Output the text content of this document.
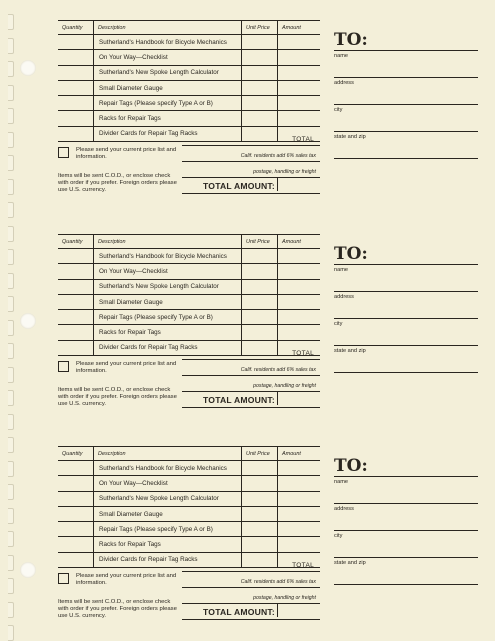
Quantity	Description	Unit Price	Amount
Sutherland's Handbook for Bicycle Mechanics
On Your Way—Checklist
Sutherland's New Spoke Length Calculator
Small Diameter Gauge
Repair Tags (Please specify Type A or B)
Racks for Repair Tags
Divider Cards for Repair Tag Racks
Please send your current price list and information.
Items will be sent C.O.D., or enclose check with order if you prefer. Foreign orders please use U.S. currency.
TOTAL
Calif. residents add 6% sales tax
postage, handling or freight
TOTAL AMOUNT:
TO:
name
address
city
state and zip
Quantity	Description	Unit Price	Amount
Sutherland's Handbook for Bicycle Mechanics
On Your Way—Checklist
Sutherland's New Spoke Length Calculator
Small Diameter Gauge
Repair Tags (Please specify Type A or B)
Racks for Repair Tags
Divider Cards for Repair Tag Racks
Please send your current price list and information.
Items will be sent C.O.D., or enclose check with order if you prefer. Foreign orders please use U.S. currency.
TOTAL
Calif. residents add 6% sales tax
postage, handling or freight
TOTAL AMOUNT:
TO:
name
address
city
state and zip
Quantity	Description	Unit Price	Amount
Sutherland's Handbook for Bicycle Mechanics
On Your Way—Checklist
Sutherland's New Spoke Length Calculator
Small Diameter Gauge
Repair Tags (Please specify Type A or B)
Racks for Repair Tags
Divider Cards for Repair Tag Racks
Please send your current price list and information.
Items will be sent C.O.D., or enclose check with order if you prefer. Foreign orders please use U.S. currency.
TOTAL
Calif. residents add 6% sales tax
postage, handling or freight
TOTAL AMOUNT:
TO:
name
address
city
state and zip
